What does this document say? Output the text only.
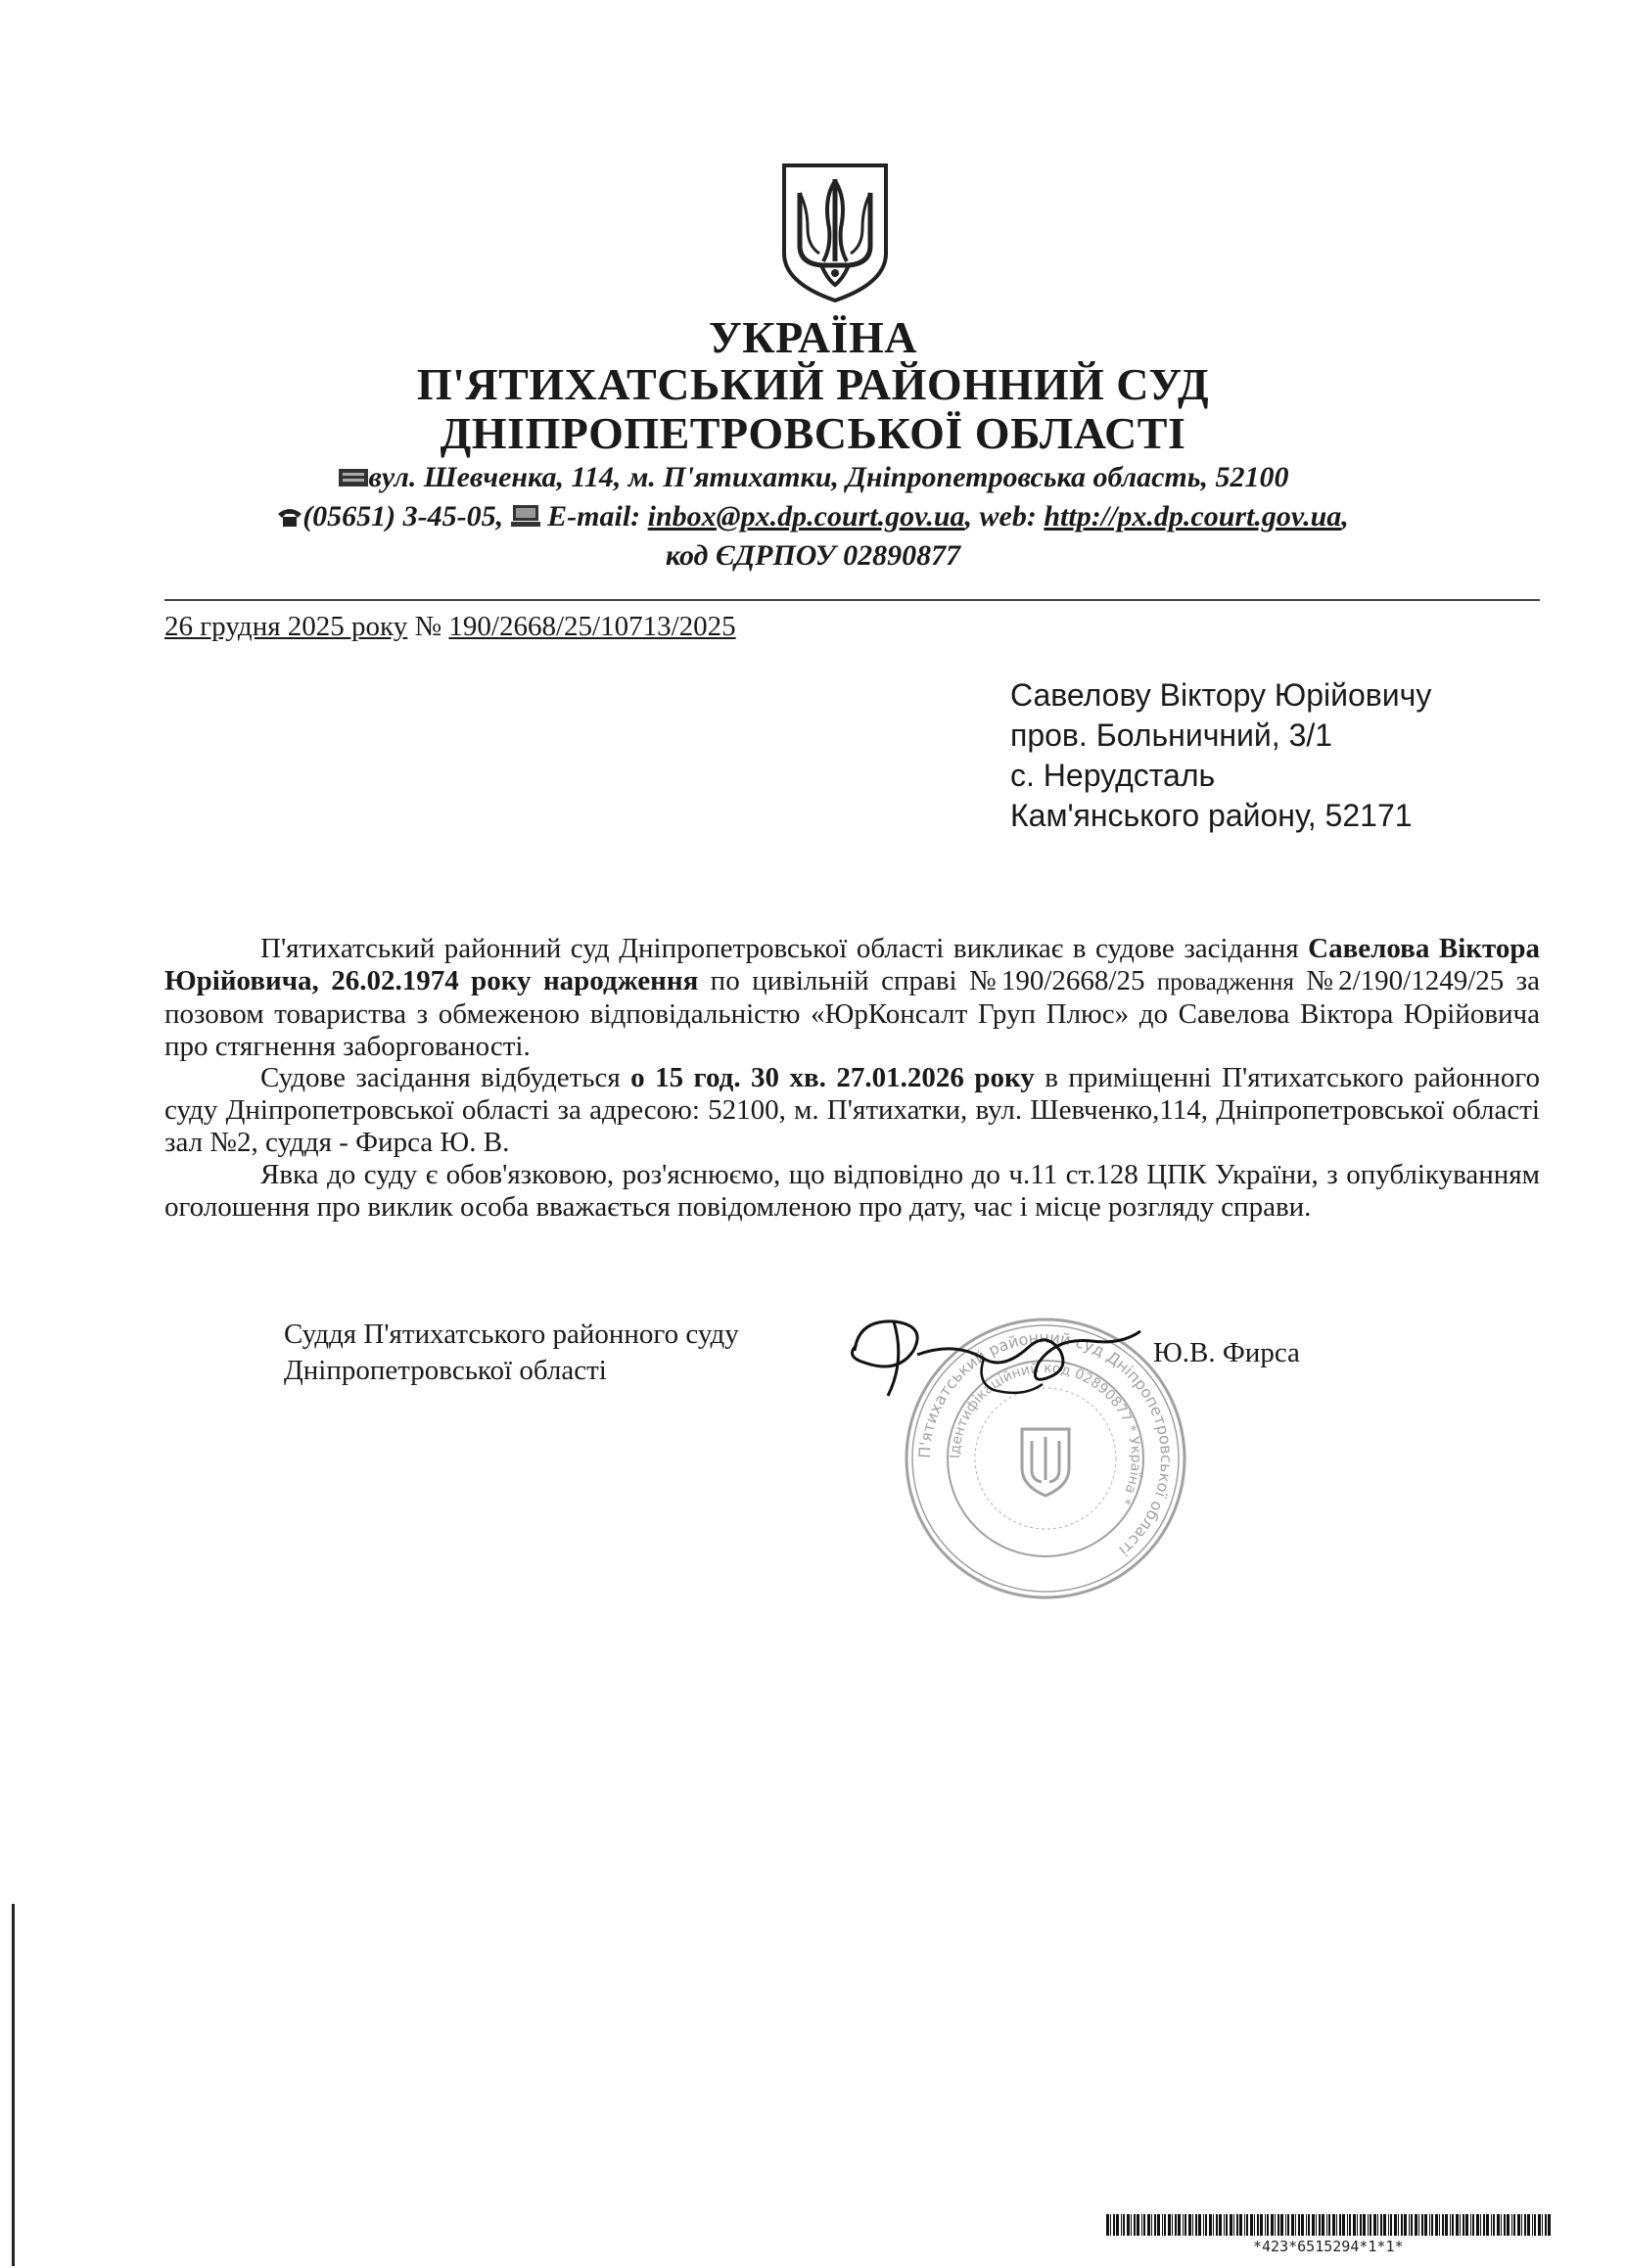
УКРАЇНА
П'ЯТИХАТСЬКИЙ РАЙОННИЙ СУД
ДНІПРОПЕТРОВСЬКОЇ ОБЛАСТІ
вул. Шевченка, 114, м. П'ятихатки, Дніпропетровська область, 52100
(05651) 3-45-05, E-mail: inbox@px.dp.court.gov.ua, web: http://px.dp.court.gov.ua,
код ЄДРПОУ 02890877
26 грудня 2025 року № 190/2668/25/10713/2025
Савелову Віктору Юрійовичу
пров. Больничний, 3/1
с. Нерудсталь
Кам'янського району, 52171
П'ятихатський районний суд Дніпропетровської області викликає в судове засідання Савелова Віктора Юрійовича, 26.02.1974 року народження по цивільній справі №190/2668/25 провадження №2/190/1249/25 за позовом товариства з обмеженою відповідальністю «ЮрКонсалт Груп Плюс» до Савелова Віктора Юрійовича про стягнення заборгованості.
Судове засідання відбудеться о 15 год. 30 хв. 27.01.2026 року в приміщенні П'ятихатського районного суду Дніпропетровської області за адресою: 52100, м. П'ятихатки, вул. Шевченко,114, Дніпропетровської області зал №2, суддя - Фирса Ю. В.
Явка до суду є обов'язковою, роз'яснюємо, що відповідно до ч.11 ст.128 ЦПК України, з опублікуванням оголошення про виклик особа вважається повідомленою про дату, час і місце розгляду справи.
Суддя П'ятихатського районного суду
Дніпропетровської області
Ю.В. Фирса
П'ятихатський районний суд Дніпропетровської області
Ідентифікаційний код 02890877 * Україна *
*423*6515294*1*1*
